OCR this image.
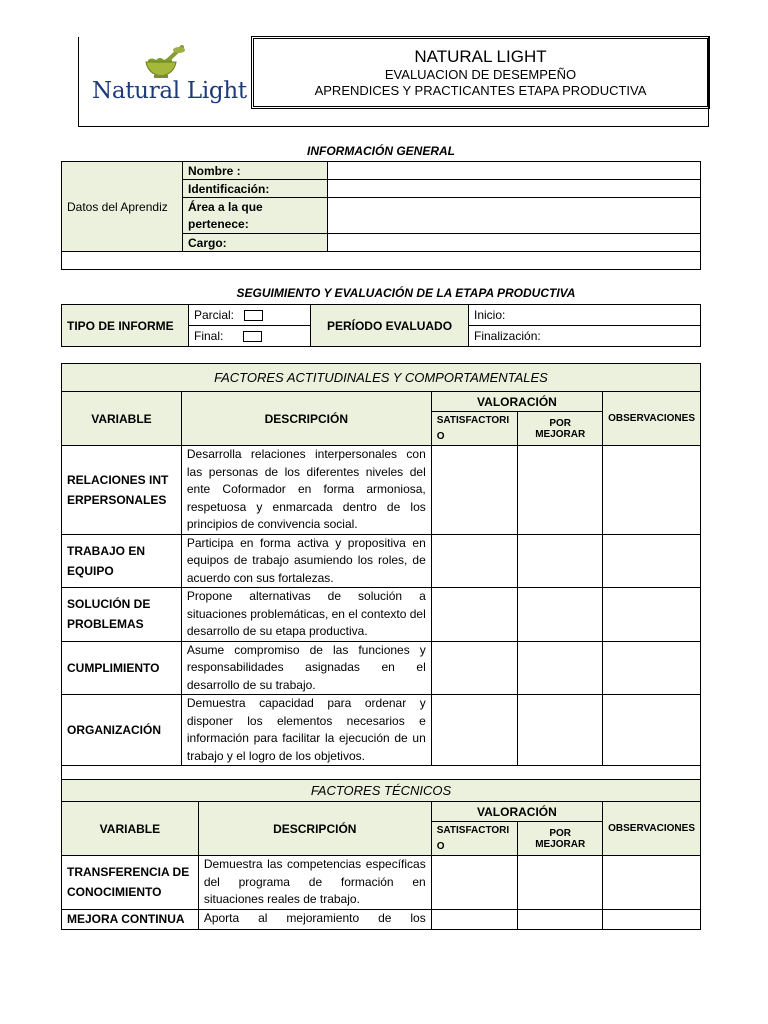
Natural Light
NATURAL LIGHT
EVALUACION DE DESEMPEÑO
APRENDICES Y PRACTICANTES ETAPA PRODUCTIVA
INFORMACIÓN GENERAL
Datos del Aprendiz	Nombre :	
	Identificación:	
	Área a la que pertenece:	
	Cargo:	
SEGUIMIENTO Y EVALUACIÓN DE LA ETAPA PRODUCTIVA
TIPO DE INFORME	Parcial:	PERÍODO EVALUADO	Inicio:
	Final:		Finalización:
FACTORES ACTITUDINALES Y COMPORTAMENTALES				
VARIABLE	DESCRIPCIÓN	VALORACIÓN		OBSERVACIONES
		SATISFACTORIO	POR MEJORAR	
RELACIONES INTERPERSONALES	Desarrolla relaciones interpersonales con las personas de los diferentes niveles del ente Coformador en forma armoniosa, respetuosa y enmarcada dentro de los principios de convivencia social.			
TRABAJO EN EQUIPO	Participa en forma activa y propositiva en equipos de trabajo asumiendo los roles, de acuerdo con sus fortalezas.			
SOLUCIÓN DE PROBLEMAS	Propone alternativas de solución a situaciones problemáticas, en el contexto del desarrollo de su etapa productiva.			
CUMPLIMIENTO	Asume compromiso de las funciones y responsabilidades asignadas en el desarrollo de su trabajo.			
ORGANIZACIÓN	Demuestra capacidad para ordenar y disponer los elementos necesarios e información para facilitar la ejecución de un trabajo y el logro de los objetivos.			

FACTORES TÉCNICOS				
VARIABLE	DESCRIPCIÓN	VALORACIÓN		OBSERVACIONES
		SATISFACTORIO	POR MEJORAR	
TRANSFERENCIA DE CONOCIMIENTO	Demuestra las competencias específicas del programa de formación en situaciones reales de trabajo.			
MEJORA CONTINUA	Aporta al mejoramiento de los			
